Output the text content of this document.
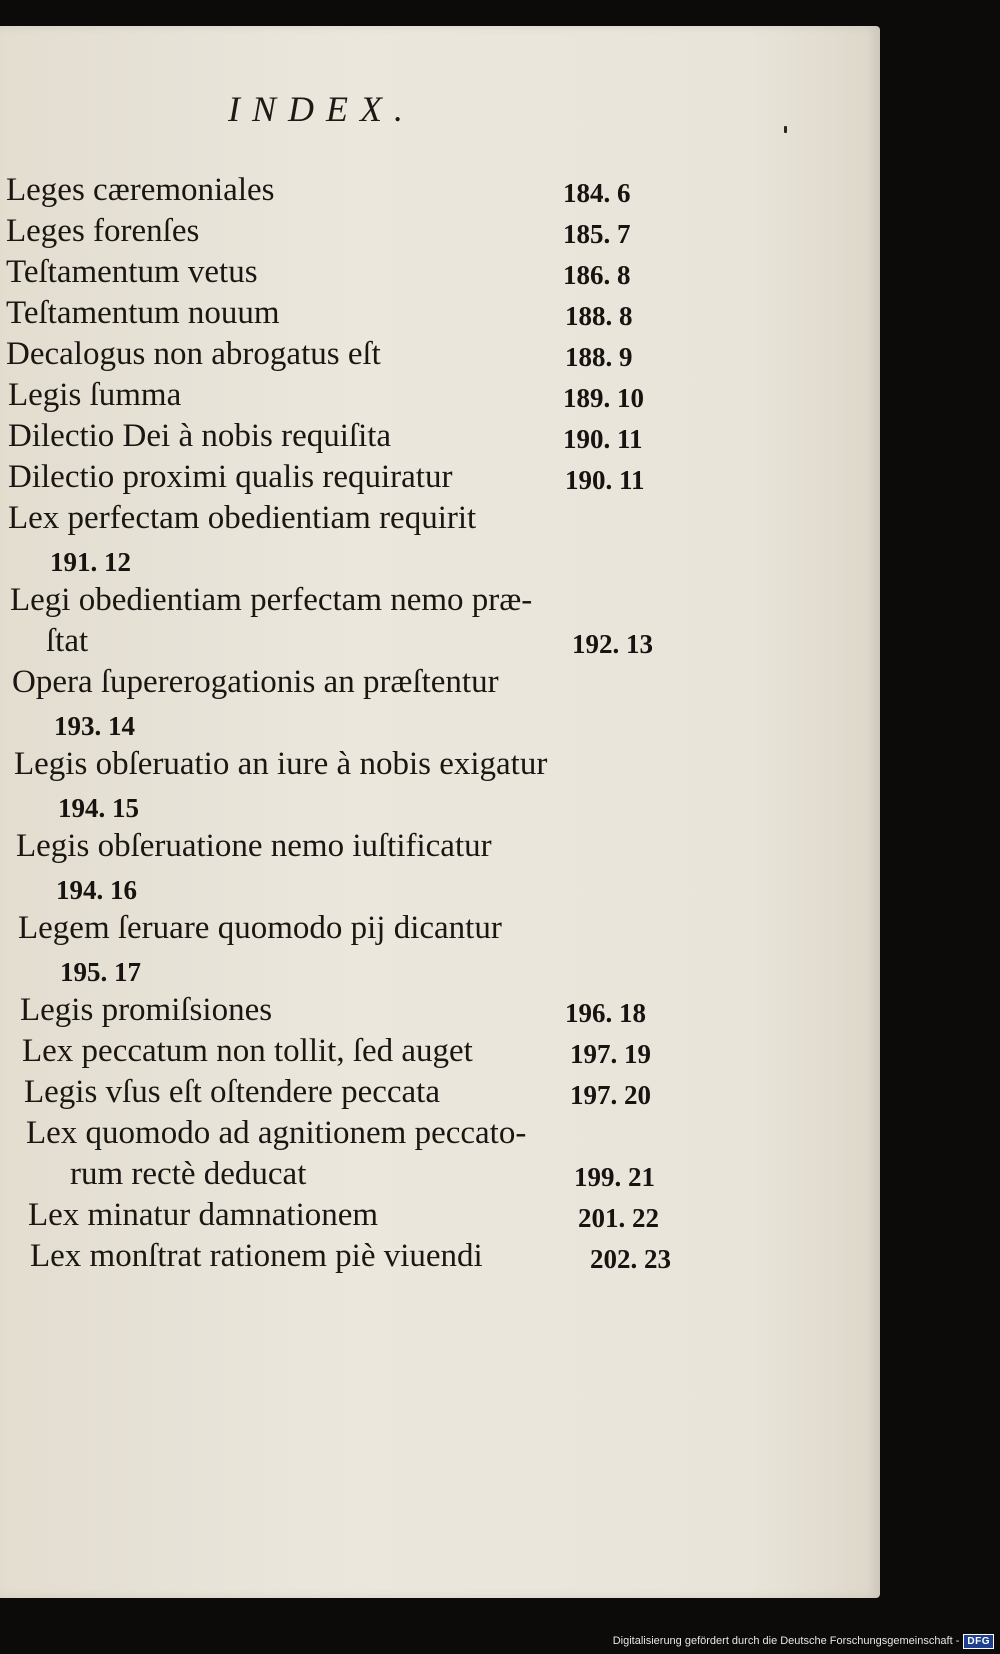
INDEX.
Leges cæremoniales
Leges forenſes
Teſtamentum vetus
Teſtamentum nouum
Decalogus non abrogatus eſt
Legis ſumma
Dilectio Dei à nobis requiſita
Dilectio proximi qualis requiratur
Lex perfectam obedientiam requirit
Legi obedientiam perfectam nemo præ-
ſtat
Opera ſupererogationis an præſtentur
Legis obſeruatio an iure à nobis exigatur
Legis obſeruatione nemo iuſtificatur
Legem ſeruare quomodo pij dicantur
Legis promiſsiones
Lex peccatum non tollit, ſed auget
Legis vſus eſt oſtendere peccata
Lex quomodo ad agnitionem peccato-
rum rectè deducat
Lex minatur damnationem
Lex monſtrat rationem piè viuendi
184. 6
185. 7
186. 8
188. 8
188. 9
189. 10
190. 11
190. 11
191. 12
192. 13
193. 14
194. 15
194. 16
195. 17
196. 18
197. 19
197. 20
199. 21
201. 22
202. 23
Digitalisierung gefördert durch die Deutsche Forschungsgemeinschaft - DFG
